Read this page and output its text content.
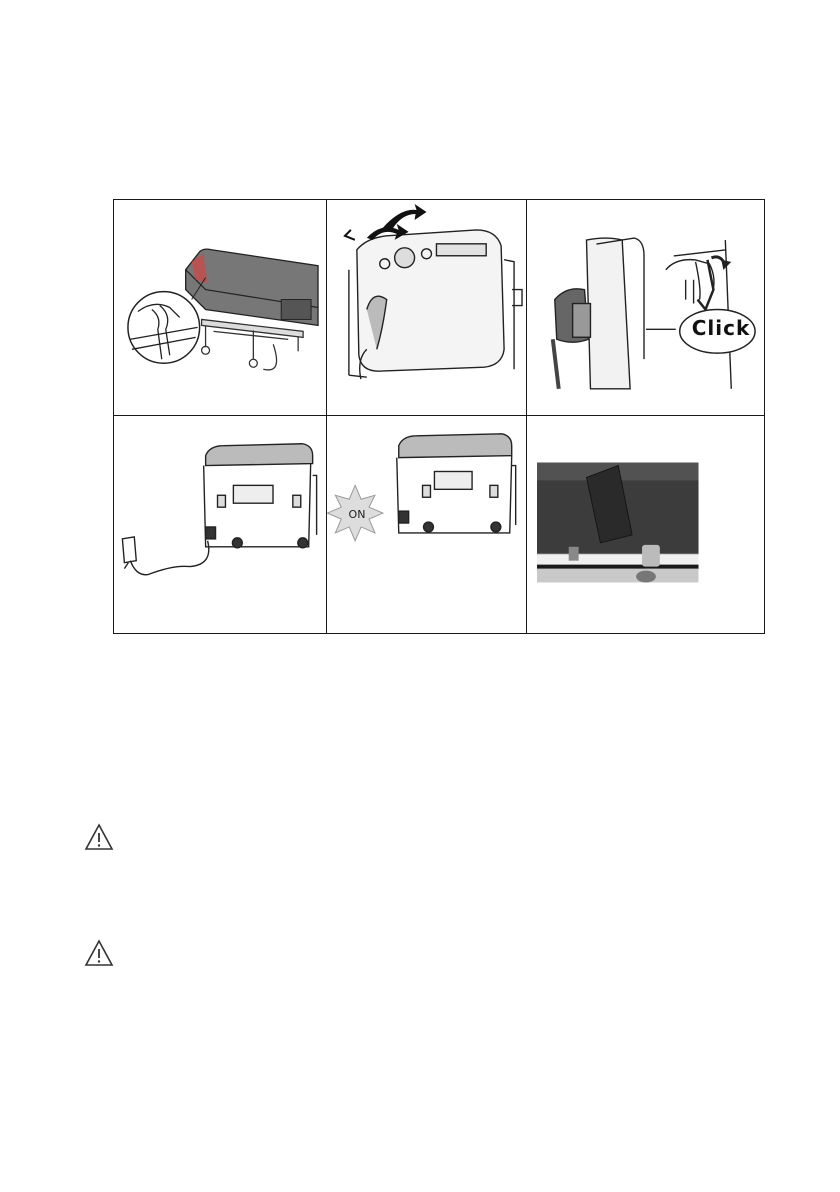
Click
ON
